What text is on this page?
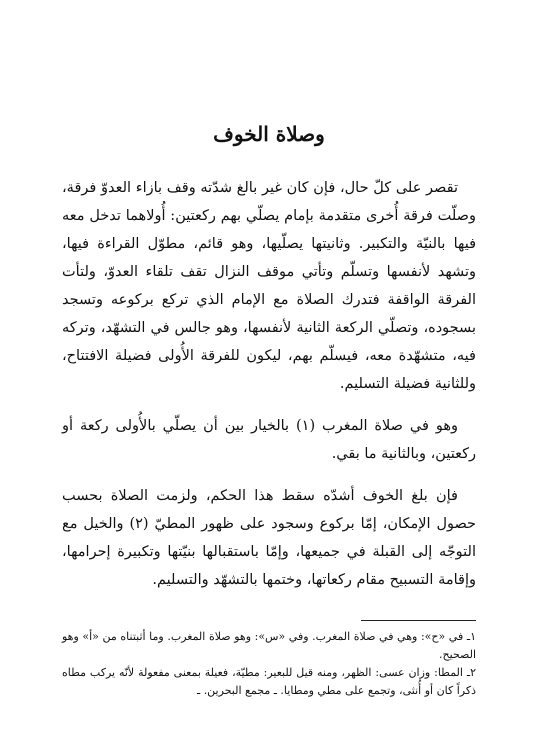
وصلاة الخوف

تقصر على كلّ حال، فإن كان غير بالغ شدّته وقف بازاء العدوّ فرقة، وصلّت فرقة أُخرى متقدمة بإمام يصلّي بهم ركعتين: أُولاهما تدخل معه فيها بالنيّة والتكبير. وثانيتها يصلّيها، وهو قائم، مطوّل القراءة فيها، وتشهد لأنفسها وتسلّم وتأتي موقف النزال تقف تلقاء العدوّ، ولتأت الفرقة الواقفة فتدرك الصلاة مع الإمام الذي تركع بركوعه وتسجد بسجوده، وتصلّي الركعة الثانية لأنفسها، وهو جالس في التشهّد، وتركه فيه، متشهّدة معه، فيسلّم بهم، ليكون للفرقة الأُولى فضيلة الافتتاح، وللثانية فضيلة التسليم.

وهو في صلاة المغرب (١) بالخيار بين أن يصلّي بالأُولى ركعة أو ركعتين، وبالثانية ما بقي.

فإن بلغ الخوف أشدّه سقط هذا الحكم، ولزمت الصلاة بحسب حصول الإمكان، إمّا بركوع وسجود على ظهور المطيّ (٢) والخيل مع التوجّه إلى القبلة في جميعها، وإمّا باستقبالها بنيّتها وتكبيرة إحرامها، وإقامة التسبيح مقام ركعاتها، وختمها بالتشهّد والتسليم.

١ـ في «ح»: وهي في صلاة المغرب. وفي «س»: وهو صلاة المغرب. وما أثبتناه من «أ» وهو الصحيح.

٢ـ المطا: وزان عسى: الظهر، ومنه قيل للبعير: مطيّة، فعيلة بمعنى مفعولة لأنّه يركب مطاه ذكراً كان أو أُنثى، وتجمع على مطي ومطايا. ـ مجمع البحرين. ـ
